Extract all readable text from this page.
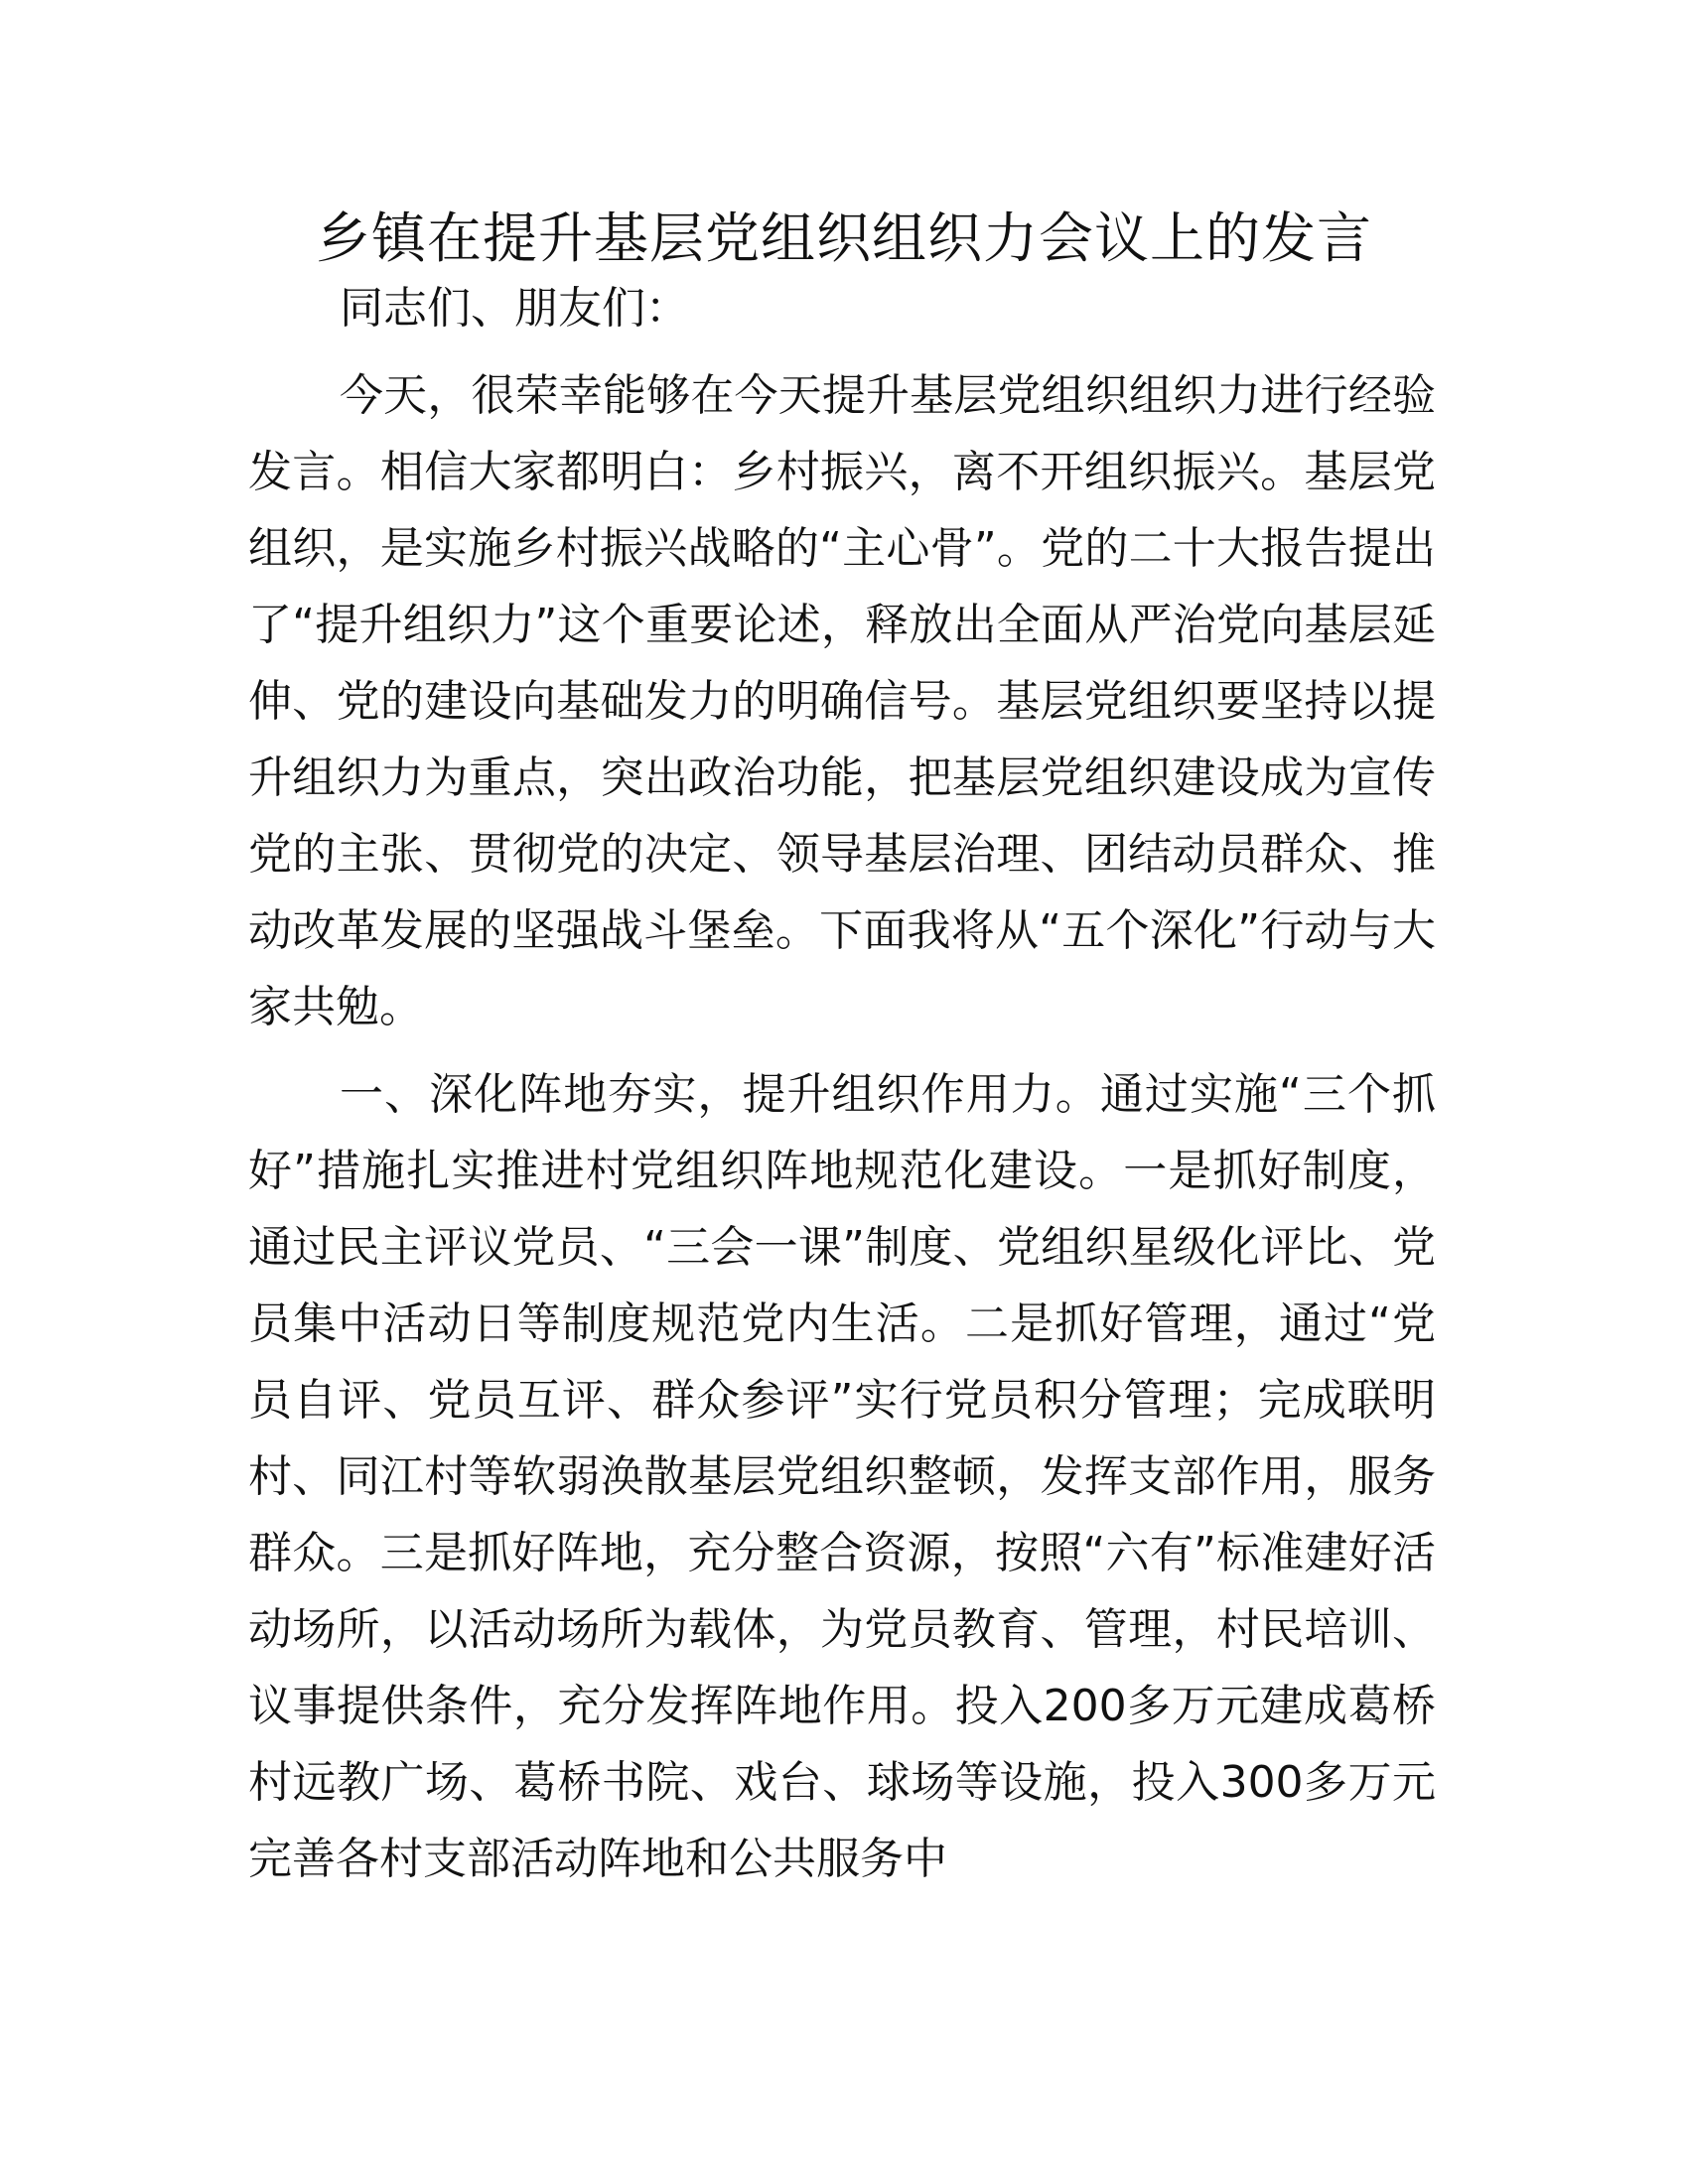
乡镇在提升基层党组织组织力会议上的发言

同志们、朋友们：

今天，很荣幸能够在今天提升基层党组织组织力进行经验发言。相信大家都明白：乡村振兴，离不开组织振兴。基层党组织，是实施乡村振兴战略的“主心骨”。党的二十大报告提出了“提升组织力”这个重要论述，释放出全面从严治党向基层延伸、党的建设向基础发力的明确信号。基层党组织要坚持以提升组织力为重点，突出政治功能，把基层党组织建设成为宣传党的主张、贯彻党的决定、领导基层治理、团结动员群众、推动改革发展的坚强战斗堡垒。下面我将从“五个深化”行动与大家共勉。

一、深化阵地夯实，提升组织作用力。通过实施“三个抓好”措施扎实推进村党组织阵地规范化建设。一是抓好制度，通过民主评议党员、“三会一课”制度、党组织星级化评比、党员集中活动日等制度规范党内生活。二是抓好管理，通过“党员自评、党员互评、群众参评”实行党员积分管理；完成联明村、同江村等软弱涣散基层党组织整顿，发挥支部作用，服务群众。三是抓好阵地，充分整合资源，按照“六有”标准建好活动场所，以活动场所为载体，为党员教育、管理，村民培训、议事提供条件，充分发挥阵地作用。投入200多万元建成葛桥村远教广场、葛桥书院、戏台、球场等设施，投入300多万元完善各村支部活动阵地和公共服务中
